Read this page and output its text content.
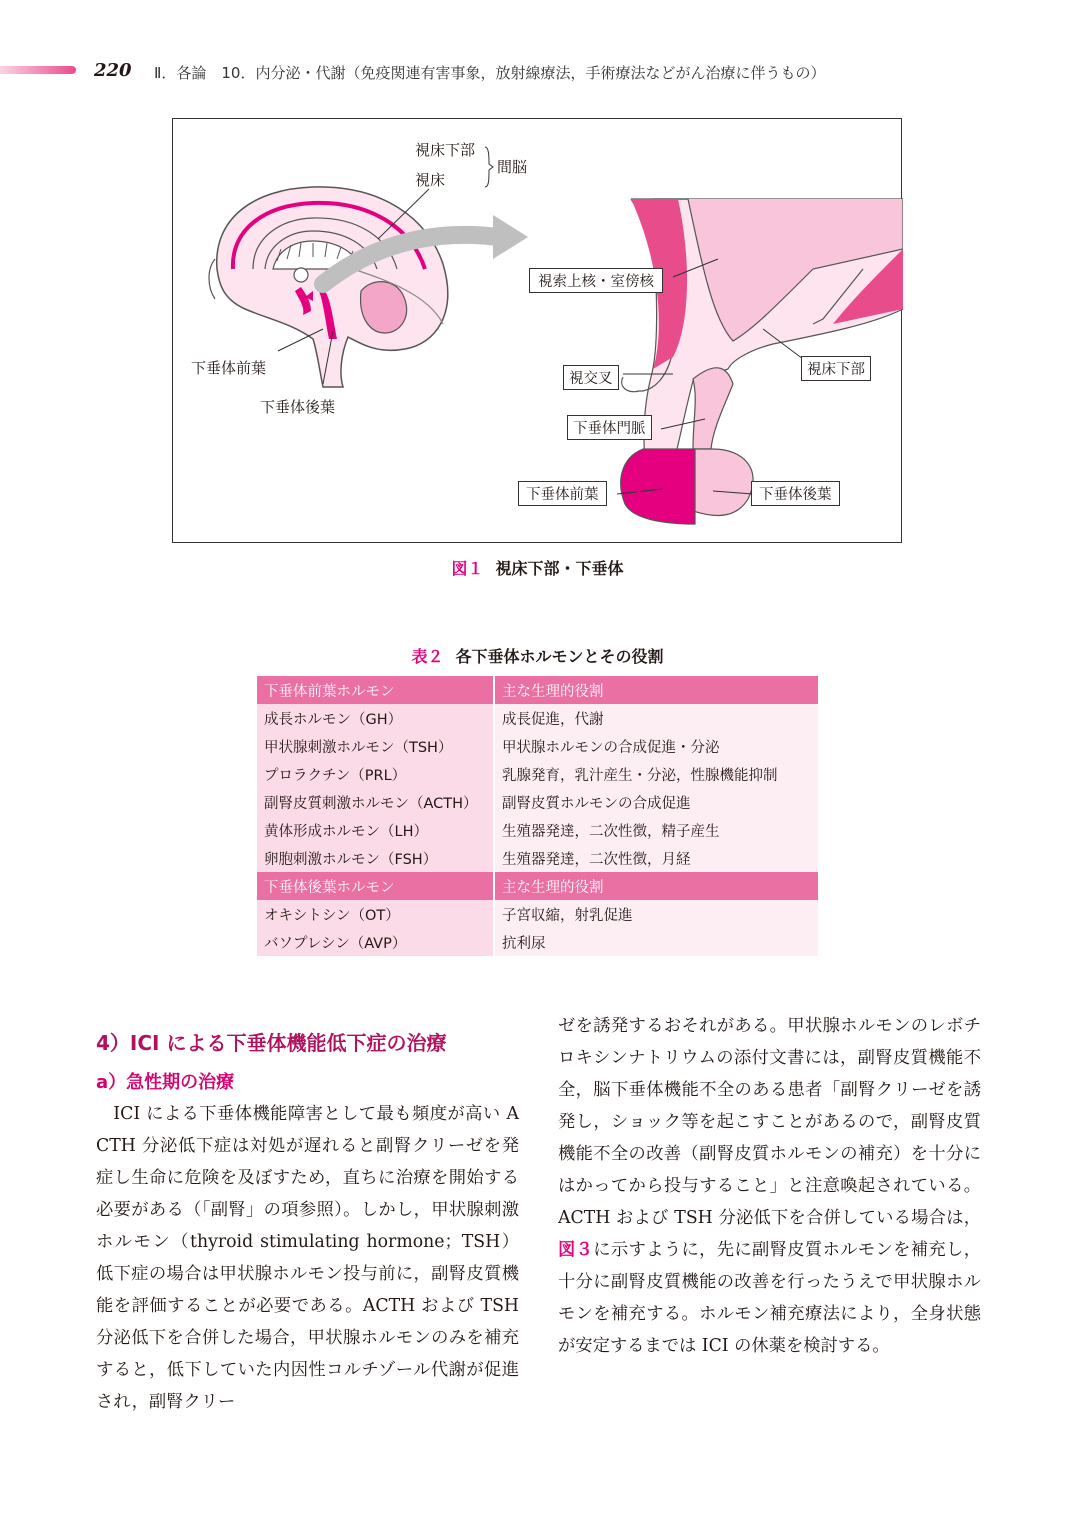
220 Ⅱ．各論　10．内分泌・代謝（免疫関連有害事象，放射線療法，手術療法などがん治療に伴うもの）
視床下部
視床
間脳
下垂体前葉
下垂体後葉
視索上核・室傍核
視交叉
視床下部
下垂体門脈
下垂体前葉	下垂体後葉
図１ 視床下部・下垂体
表２ 各下垂体ホルモンとその役割
下垂体前葉ホルモン	主な生理的役割
成長ホルモン（GH）	成長促進，代謝
甲状腺刺激ホルモン（TSH）	甲状腺ホルモンの合成促進・分泌
プロラクチン（PRL）	乳腺発育，乳汁産生・分泌，性腺機能抑制
副腎皮質刺激ホルモン（ACTH）	副腎皮質ホルモンの合成促進
黄体形成ホルモン（LH）	生殖器発達，二次性徴，精子産生
卵胞刺激ホルモン（FSH）	生殖器発達，二次性徴，月経
下垂体後葉ホルモン	主な生理的役割
オキシトシン（OT）	子宮収縮，射乳促進
バソプレシン（AVP）	抗利尿
4）ICI による下垂体機能低下症の治療
a）急性期の治療

ICI による下垂体機能障害として最も頻度が高い ACTH 分泌低下症は対処が遅れると副腎クリーゼを発症し生命に危険を及ぼすため，直ちに治療を開始する必要がある（「副腎」の項参照）。しかし，甲状腺刺激ホルモン（thyroid stimulating hormone；TSH）低下症の場合は甲状腺ホルモン投与前に，副腎皮質機能を評価することが必要である。ACTH および TSH 分泌低下を合併した場合，甲状腺ホルモンのみを補充すると，低下していた内因性コルチゾール代謝が促進され，副腎クリー

ゼを誘発するおそれがある。甲状腺ホルモンのレボチロキシンナトリウムの添付文書には，副腎皮質機能不全，脳下垂体機能不全のある患者「副腎クリーゼを誘発し，ショック等を起こすことがあるので，副腎皮質機能不全の改善（副腎皮質ホルモンの補充）を十分にはかってから投与すること」と注意喚起されている。ACTH および TSH 分泌低下を合併している場合は，図３に示すように，先に副腎皮質ホルモンを補充し，十分に副腎皮質機能の改善を行ったうえで甲状腺ホルモンを補充する。ホルモン補充療法により，全身状態が安定するまでは ICI の休薬を検討する。
